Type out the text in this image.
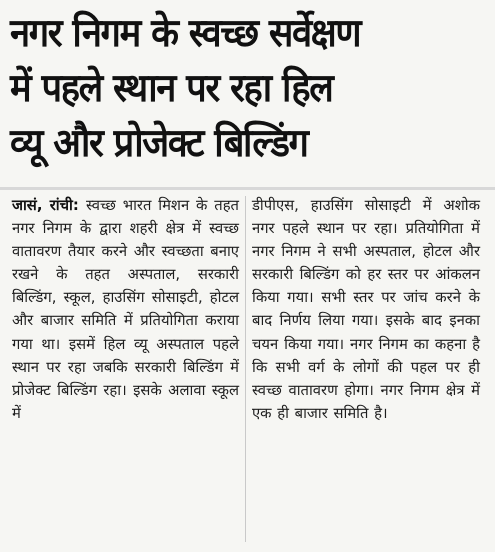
नगर निगम के स्वच्छ सर्वेक्षण
में पहले स्थान पर रहा हिल
व्यू और प्रोजेक्ट बिल्डिंग
जासं, रांची: स्वच्छ भारत मिशन के तहत नगर निगम के द्वारा शहरी क्षेत्र में स्वच्छ वातावरण तैयार करने और स्वच्छता बनाए रखने के तहत अस्पताल, सरकारी बिल्डिंग, स्कूल, हाउसिंग सोसाइटी, होटल और बाजार समिति में प्रतियोगिता कराया गया था। इसमें हिल व्यू अस्पताल पहले स्थान पर रहा जबकि सरकारी बिल्डिंग में प्रोजेक्ट बिल्डिंग रहा। इसके अलावा स्कूल में
डीपीएस, हाउसिंग सोसाइटी में अशोक नगर पहले स्थान पर रहा। प्रतियोगिता में नगर निगम ने सभी अस्पताल, होटल और सरकारी बिल्डिंग को हर स्तर पर आंकलन किया गया। सभी स्तर पर जांच करने के बाद निर्णय लिया गया। इसके बाद इनका चयन किया गया। नगर निगम का कहना है कि सभी वर्ग के लोगों की पहल पर ही स्वच्छ वातावरण होगा। नगर निगम क्षेत्र में एक ही बाजार समिति है।
